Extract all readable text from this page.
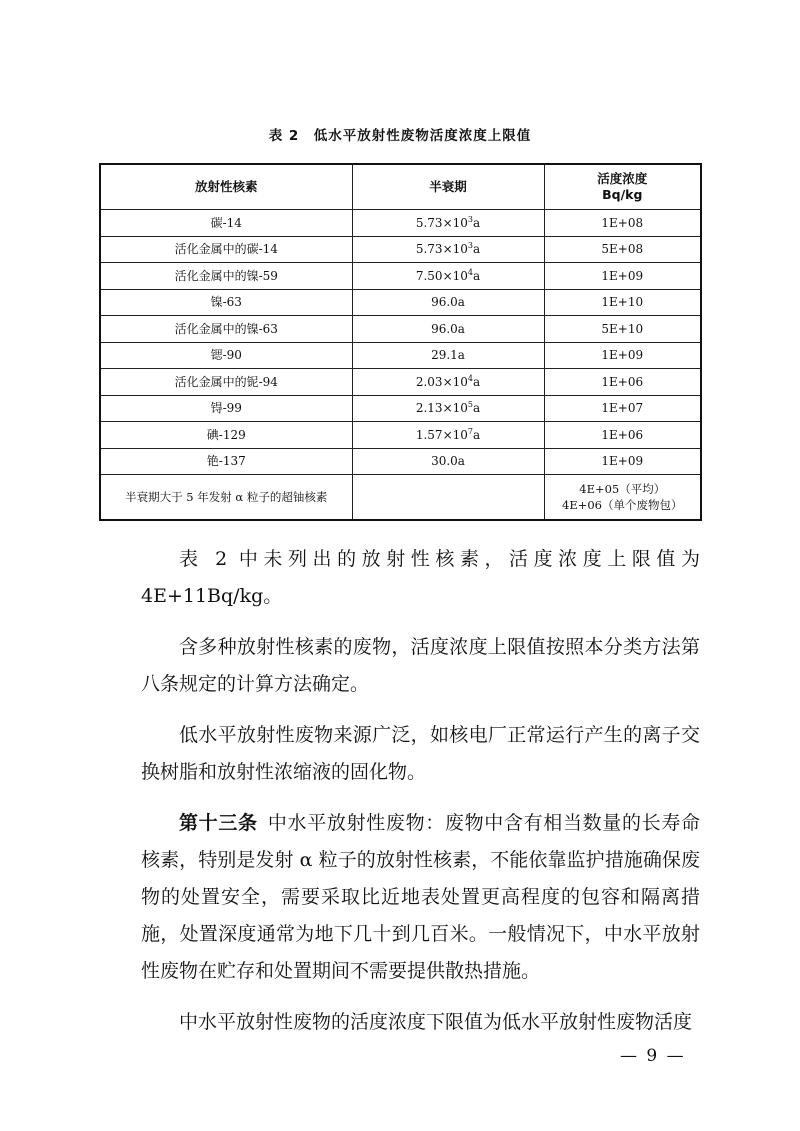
表 2　低水平放射性废物活度浓度上限值
放射性核素	半衰期	活度浓度
Bq/kg
碳-14	$5.73\times 10^3a$	1E+08
活化金属中的碳-14	$5.73\times 10^3a$	5E+08
活化金属中的镍-59	$7.50\times 10^4a$	1E+09
镍-63	96.0a	1E+10
活化金属中的镍-63	96.0a	5E+10
锶-90	29.1a	1E+09
活化金属中的铌-94	$2.03\times 10^4a$	1E+06
锝-99	$2.13\times 10^5a$	1E+07
碘-129	$1.57\times 10^7a$	1E+06
铯-137	30.0a	1E+09
半衰期大于 5 年发射 α 粒子的超铀核素		4E+05（平均）
4E+06（单个废物包）

表 2 中未列出的放射性核素，活度浓度上限值为 4E+11Bq/kg。

含多种放射性核素的废物，活度浓度上限值按照本分类方法第八条规定的计算方法确定。

低水平放射性废物来源广泛，如核电厂正常运行产生的离子交换树脂和放射性浓缩液的固化物。

第十三条  中水平放射性废物：废物中含有相当数量的长寿命核素，特别是发射 α 粒子的放射性核素，不能依靠监护措施确保废物的处置安全，需要采取比近地表处置更高程度的包容和隔离措施，处置深度通常为地下几十到几百米。一般情况下，中水平放射性废物在贮存和处置期间不需要提供散热措施。

中水平放射性废物的活度浓度下限值为低水平放射性废物活度

— 9 —
